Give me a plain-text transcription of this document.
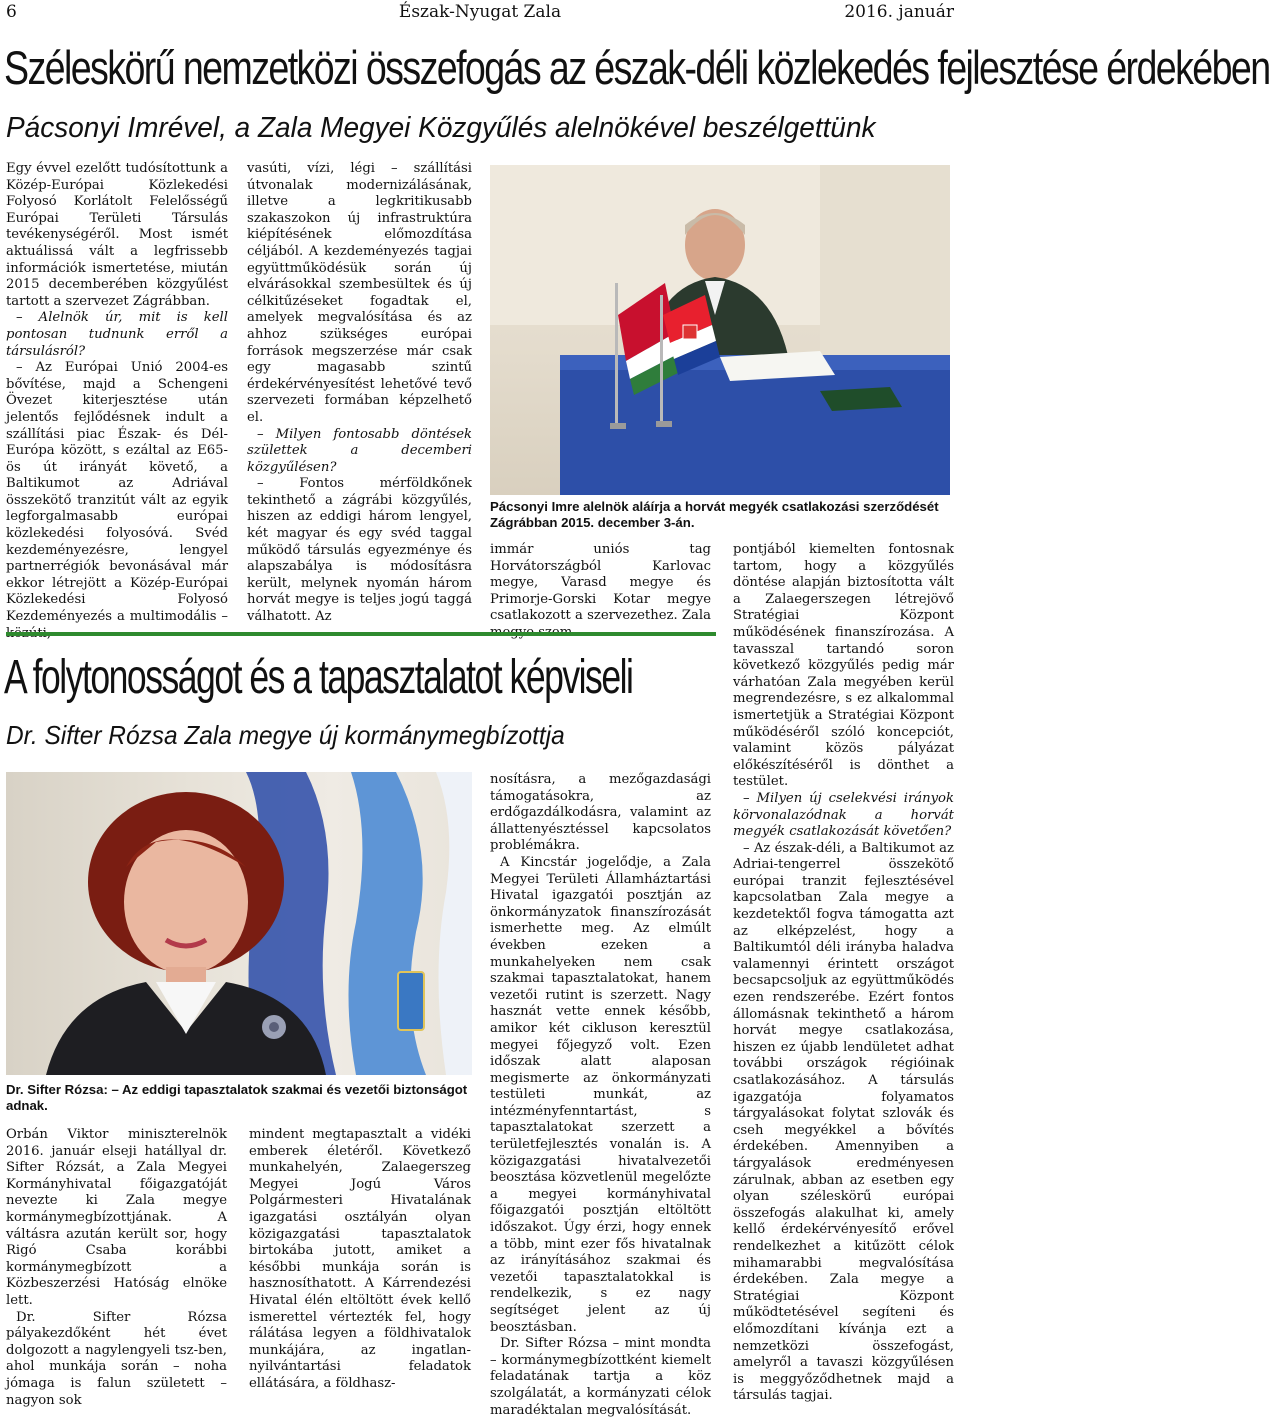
6	Észak-Nyugat Zala	2016. január
Széleskörű nemzetközi összefogás az észak-déli közlekedés fejlesztése érdekében
Pácsonyi Imrével, a Zala Megyei Közgyűlés alelnökével beszélgettünk

Egy évvel ezelőtt tudósítottunk a Közép-Európai Közlekedési Folyosó Korlátolt Felelősségű Európai Területi Társulás tevékenységéről. Most ismét aktuálissá vált a legfrissebb információk ismertetése, miután 2015 decemberében közgyűlést tartott a szervezet Zágrábban.

– Alelnök úr, mit is kell pontosan tudnunk erről a társulásról?

– Az Európai Unió 2004-es bővítése, majd a Schengeni Övezet kiterjesztése után jelentős fejlődésnek indult a szállítási piac Észak- és Dél-Európa között, s ezáltal az E65-ös út irányát követő, a Baltikumot az Adriával összekötő tranzitút vált az egyik legforgalmasabb európai közlekedési folyosóvá. Svéd kezdeményezésre, lengyel partnerrégiók bevonásával már ekkor létrejött a Közép-Európai Közlekedési Folyosó Kezdeményezés a multimodális –

vasúti, vízi, légi – szállítási útvonalak modernizálásának, illetve a legkritikusabb szakaszokon új infrastruktúra kiépítésének előmozdítása céljából. A kezdeményezés tagjai együttműködésük során új elvárásokkal szembesültek és új célkitűzéseket fogadtak el, amelyek megvalósítása és az ahhoz szükséges európai források megszerzése már csak egy magasabb szintű érdekérvényesítést lehetővé tevő szervezeti formában képzelhető el.

– Milyen fontosabb döntések születtek a decemberi közgyűlésen?

– Fontos mérföldkőnek tekinthető a zágrábi közgyűlés, hiszen az eddigi három lengyel, két magyar és egy svéd taggal működő társulás egyezménye és alapszabálya is módosításra került, melynek nyomán három horvát megye is teljes jogú taggá válhatott. Az

Pácsonyi Imre alelnök aláírja a horvát megyék csatlakozási szerződését Zágrábban 2015. december 3-án.

immár uniós tag Horvátországból Karlovac megye, Varasd megye és Primorje-Gorski Kotar megye csatlakozott a szervezethez. Zala

pontjából kiemelten fontosnak tartom, hogy a közgyűlés döntése alapján biztosította vált a Zalaegerszegen létrejövő Stratégiai Központ működésének finanszírozása. A tavasszal tartandó soron következő közgyűlés pedig már várhatóan Zala megyében kerül megrendezésre, s ez alkalommal ismertetjük a Stratégiai Központ működéséről szóló koncepciót, valamint közös pályázat előkészítéséről is dönthet a testület.

– Milyen új cselekvési irányok körvonalazódnak a horvát megyék csatlakozását követően?

– Az észak-déli, a Baltikumot az Adriai-tengerrel összekötő európai tranzit fejlesztésével kapcsolatban Zala megye a kezdetektől fogva támogatta azt az elképzelést, hogy a Baltikumtól déli irányba haladva valamennyi érintett országot becsapcsoljuk az együttműködés ezen rendszerébe. Ezért fontos állomásnak tekinthető a három horvát megye csatlakozása, hiszen ez újabb lendületet adhat további országok régióinak csatlakozásához. A társulás igazgatója folyamatos tárgyalásokat folytat szlovák és cseh megyékkel a bővítés érdekében. Amennyiben a tárgyalások eredményesen zárulnak, abban az esetben egy olyan széleskörű európai összefogás alakulhat ki, amely kellő érdekérvényesítő erővel rendelkezhet a kitűzött célok mihamarabbi megvalósítása érdekében. Zala megye a Stratégiai Központ működtetésével segíteni és előmozdítani kívánja ezt a nemzetközi összefogást, amelyről a tavaszi közgyűlésen is meggyőződhetnek majd a társulás tagjai.

A folytonosságot és a tapasztalatot képviseli
Dr. Sifter Rózsa Zala megye új kormánymegbízottja
Dr. Sifter Rózsa: – Az eddigi tapasztalatok szakmai és vezetői biztonságot adnak.

Orbán Viktor miniszterelnök 2016. január elseji hatállyal dr. Sifter Rózsát, a Zala Megyei Kormányhivatal főigazgatóját nevezte ki Zala megye kormánymegbízottjának. A váltásra azután került sor, hogy Rigó Csaba korábbi kormánymegbízott a Közbeszerzési Hatóság elnöke lett.

Dr. Sifter Rózsa pályakezdőként hét évet dolgozott a nagylengyeli tsz-ben, ahol munkája során – noha jómaga is falun született – nagyon sok

mindent megtapasztalt a vidéki emberek életéről. Következő munkahelyén, Zalaegerszeg Megyei Jogú Város Polgármesteri Hivatalának igazgatási osztályán olyan közigazgatási tapasztalatok birtokába jutott, amiket a későbbi munkája során is hasznosíthatott. A Kárrendezési Hivatal élén eltöltött évek kellő ismerettel vértezték fel, hogy rálátása legyen a földhivatalok munkájára, az ingatlan-nyilvántartási feladatok ellátására, a földhasz-

nosításra, a mezőgazdasági támogatásokra, az erdőgazdálkodásra, valamint az állattenyésztéssel kapcsolatos problémákra.

A Kincstár jogelődje, a Zala Megyei Területi Államháztartási Hivatal igazgatói posztján az önkormányzatok finanszírozását ismerhette meg. Az elmúlt években ezeken a munkahelyeken nem csak szakmai tapasztalatokat, hanem vezetői rutint is szerzett. Nagy hasznát vette ennek később, amikor két cikluson keresztül megyei főjegyző volt. Ezen időszak alatt alaposan megismerte az önkormányzati testületi munkát, az intézményfenntartást, s tapasztalatokat szerzett a területfejlesztés vonalán is. A közigazgatási hivatalvezetői beosztása közvetlenül megelőzte a megyei kormányhivatal főigazgatói posztján eltöltött időszakot. Úgy érzi, hogy ennek a több, mint ezer fős hivatalnak az irányításához szakmai és vezetői tapasztalatokkal is rendelkezik, s ez nagy segítséget jelent az új beosztásban.

Dr. Sifter Rózsa – mint mondta – kormánymegbízottként kiemelt feladatának tartja a köz szolgálatát, a kormányzati célok maradéktalan megvalósítását.
